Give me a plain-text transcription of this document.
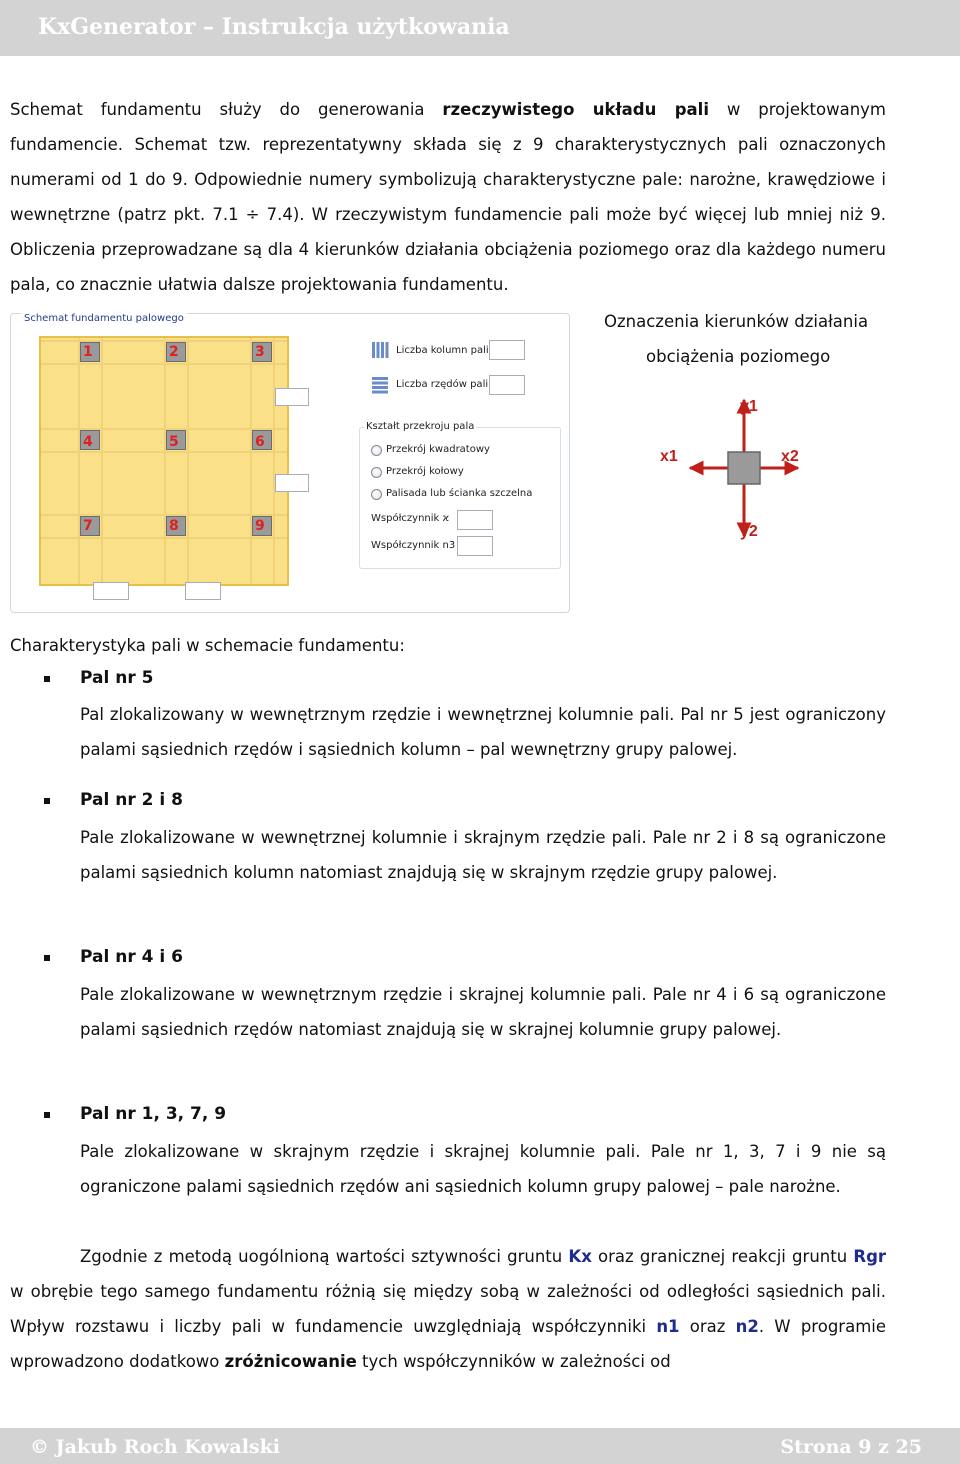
KxGenerator – Instrukcja użytkowania
Schemat fundamentu służy do generowania rzeczywistego układu pali w projektowanym fundamencie. Schemat tzw. reprezentatywny składa się z 9 charakterystycznych pali oznaczonych numerami od 1 do 9. Odpowiednie numery symbolizują charakterystyczne pale: narożne, krawędziowe i wewnętrzne (patrz pkt. 7.1 ÷ 7.4). W rzeczywistym fundamencie pali może być więcej lub mniej niż 9. Obliczenia przeprowadzane są dla 4 kierunków działania obciążenia poziomego oraz dla każdego numeru pala, co znacznie ułatwia dalsze projektowania fundamentu.
Schemat fundamentu palowego
1	2	3
4	5	6
7	8	9
Liczba kolumn pali
Liczba rzędów pali
Kształt przekroju pala
Przekrój kwadratowy
Przekrój kołowy
Palisada lub ścianka szczelna
Współczynnik ϰ
Współczynnik n3
Oznaczenia kierunków działania
obciążenia poziomego
y1
y2
x1	x2
Charakterystyka pali w schemacie fundamentu:
Pal nr 5
Pal zlokalizowany w wewnętrznym rzędzie i wewnętrznej kolumnie pali. Pal nr 5 jest ograniczony palami sąsiednich rzędów i sąsiednich kolumn – pal wewnętrzny grupy palowej.
Pal nr 2 i 8
Pale zlokalizowane w wewnętrznej kolumnie i skrajnym rzędzie pali. Pale nr 2 i 8 są ograniczone palami sąsiednich kolumn natomiast znajdują się w skrajnym rzędzie grupy palowej.
Pal nr 4 i 6
Pale zlokalizowane w wewnętrznym rzędzie i skrajnej kolumnie pali. Pale nr 4 i 6 są ograniczone palami sąsiednich rzędów natomiast znajdują się w skrajnej kolumnie grupy palowej.
Pal nr 1, 3, 7, 9
Pale zlokalizowane w skrajnym rzędzie i skrajnej kolumnie pali. Pale nr 1, 3, 7 i 9 nie są ograniczone palami sąsiednich rzędów ani sąsiednich kolumn grupy palowej – pale narożne.
Zgodnie z metodą uogólnioną wartości sztywności gruntu Kx oraz granicznej reakcji gruntu Rgr w obrębie tego samego fundamentu różnią się między sobą w zależności od odległości sąsiednich pali. Wpływ rozstawu i liczby pali w fundamencie uwzględniają współczynniki n1 oraz n2. W programie wprowadzono dodatkowo zróżnicowanie tych współczynników w zależności od
© Jakub Roch Kowalski	Strona 9 z 25
